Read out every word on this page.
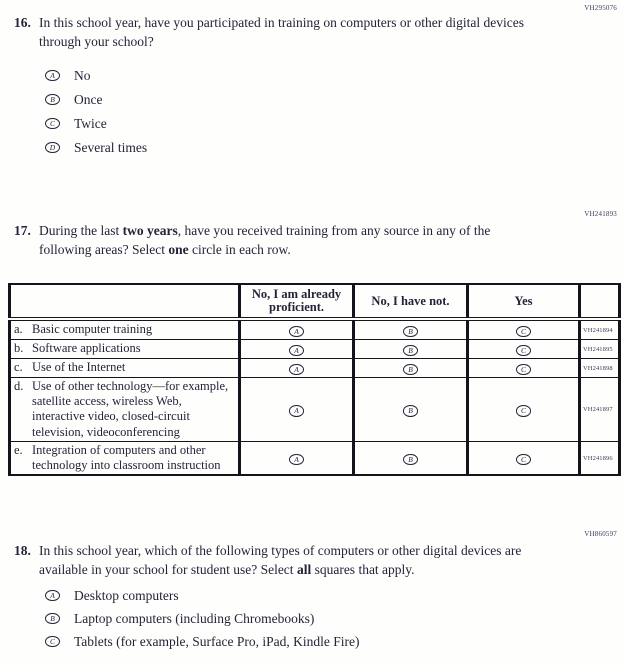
VH295076
16. In this school year, have you participated in training on computers or other digital devices through your school?
A	No
B	Once
C	Twice
D	Several times
VH241893
17. During the last two years, have you received training from any source in any of the following areas? Select one circle in each row.
	No, I am already proficient.	No, I have not.	Yes	

a. Basic computer training	A	B	C	VH241894

b. Software applications	A	B	C	VH241895

c. Use of the Internet	A	B	C	VH241898

d. Use of other technology—for example, satellite access, wireless Web, interactive video, closed-circuit television, videoconferencing	A	B	C	VH241897

e. Integration of computers and other technology into classroom instruction	A	B	C	VH241896
VH860597
18. In this school year, which of the following types of computers or other digital devices are available in your school for student use? Select all squares that apply.
A	Desktop computers
B	Laptop computers (including Chromebooks)
C	Tablets (for example, Surface Pro, iPad, Kindle Fire)
